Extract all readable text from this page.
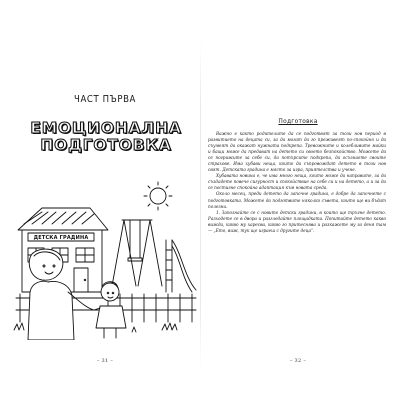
ЧАСТ ПЪРВА
ЕМОЦИОНАЛНА
ПОДГОТОВКА
ДЕТСКА ГРАДИНА
– 31 –
Подготовка

Важно е както родителите да се подготвят за този нов период в развитието на децата си, за да могат да го преживеят по-спокойно и да съумеят да окажат нужната подкрепа. Тревожните и колебливите майки и бащи може да предават на детето си своето безпокойство. Можете да се погрижите за себе си, да потърсите подкрепа, да осъзнаете своите страхове. Има хубави неща, които да съпровождат детето в този нов свят. Детската градина е място за игра, приятелства и учене.

Хубавата новина е, че има много неща, които може да направите, за да създадете повече сигурност и спокойствие на себе си и на детето, а и за да се постигне спокойна адаптация към новата среда.

Около месец, преди детето да започне градина, е добре да започнете с подготовката. Можете да подготвите няколко съвета, които ще ви бъдат полезни.

1. Запознайте се с новите детски градини, в които ще тръгне детето. Разходете се в двора и разгледайте площадката. Попитайте детето какво вижда, какво му харесва, какво го притеснява и разкажете му за деня там — „Ето, виж, тук ще играеш с другите деца“.

– 32 –
